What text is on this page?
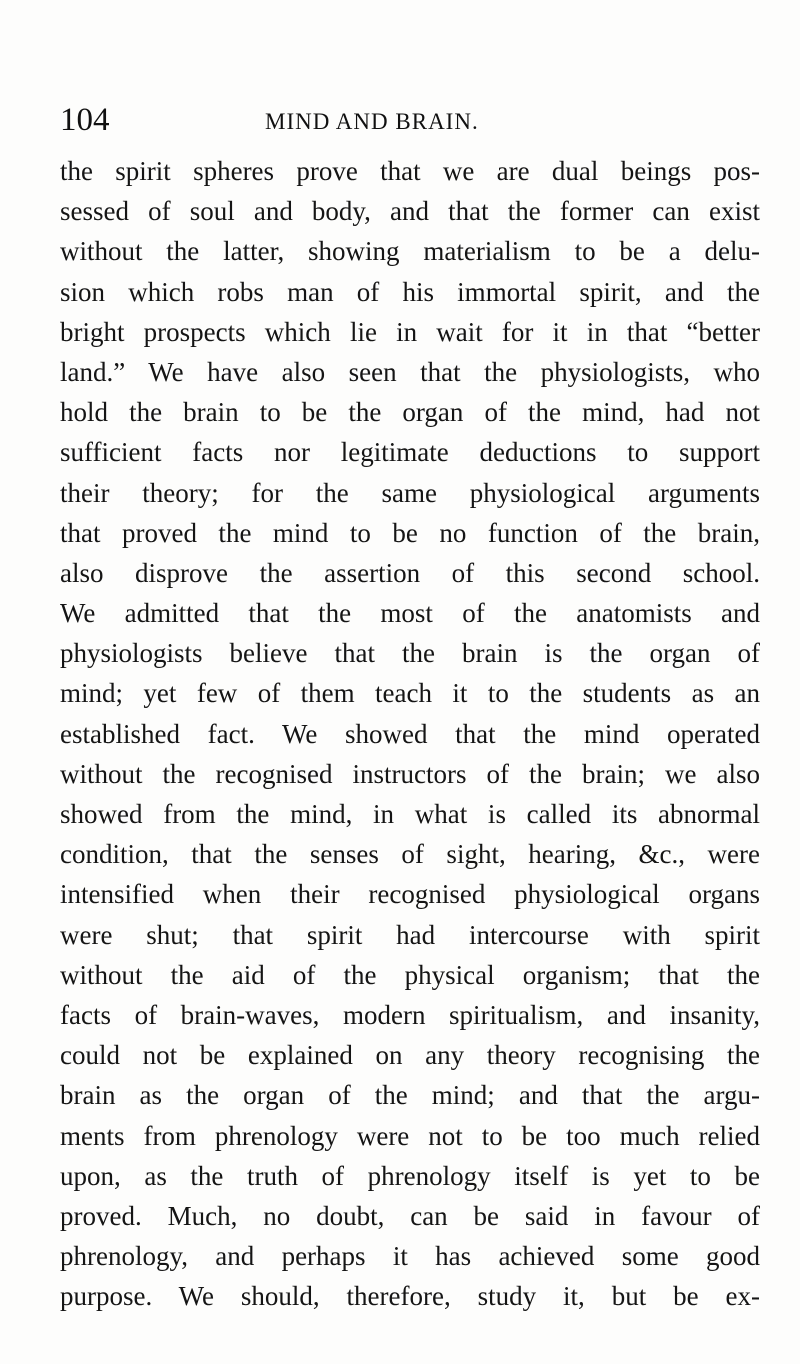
104	MIND AND BRAIN.
the spirit spheres prove that we are dual beings pos-
sessed of soul and body, and that the former can exist
without the latter, showing materialism to be a delu-
sion which robs man of his immortal spirit, and the
bright prospects which lie in wait for it in that “better
land.” We have also seen that the physiologists, who
hold the brain to be the organ of the mind, had not
sufficient facts nor legitimate deductions to support
their theory; for the same physiological arguments
that proved the mind to be no function of the brain,
also disprove the assertion of this second school.
We admitted that the most of the anatomists and
physiologists believe that the brain is the organ of
mind; yet few of them teach it to the students as an
established fact. We showed that the mind operated
without the recognised instructors of the brain; we also
showed from the mind, in what is called its abnormal
condition, that the senses of sight, hearing, &c., were
intensified when their recognised physiological organs
were shut; that spirit had intercourse with spirit
without the aid of the physical organism; that the
facts of brain-waves, modern spiritualism, and insanity,
could not be explained on any theory recognising the
brain as the organ of the mind; and that the argu-
ments from phrenology were not to be too much relied
upon, as the truth of phrenology itself is yet to be
proved. Much, no doubt, can be said in favour of
phrenology, and perhaps it has achieved some good
purpose. We should, therefore, study it, but be ex-
